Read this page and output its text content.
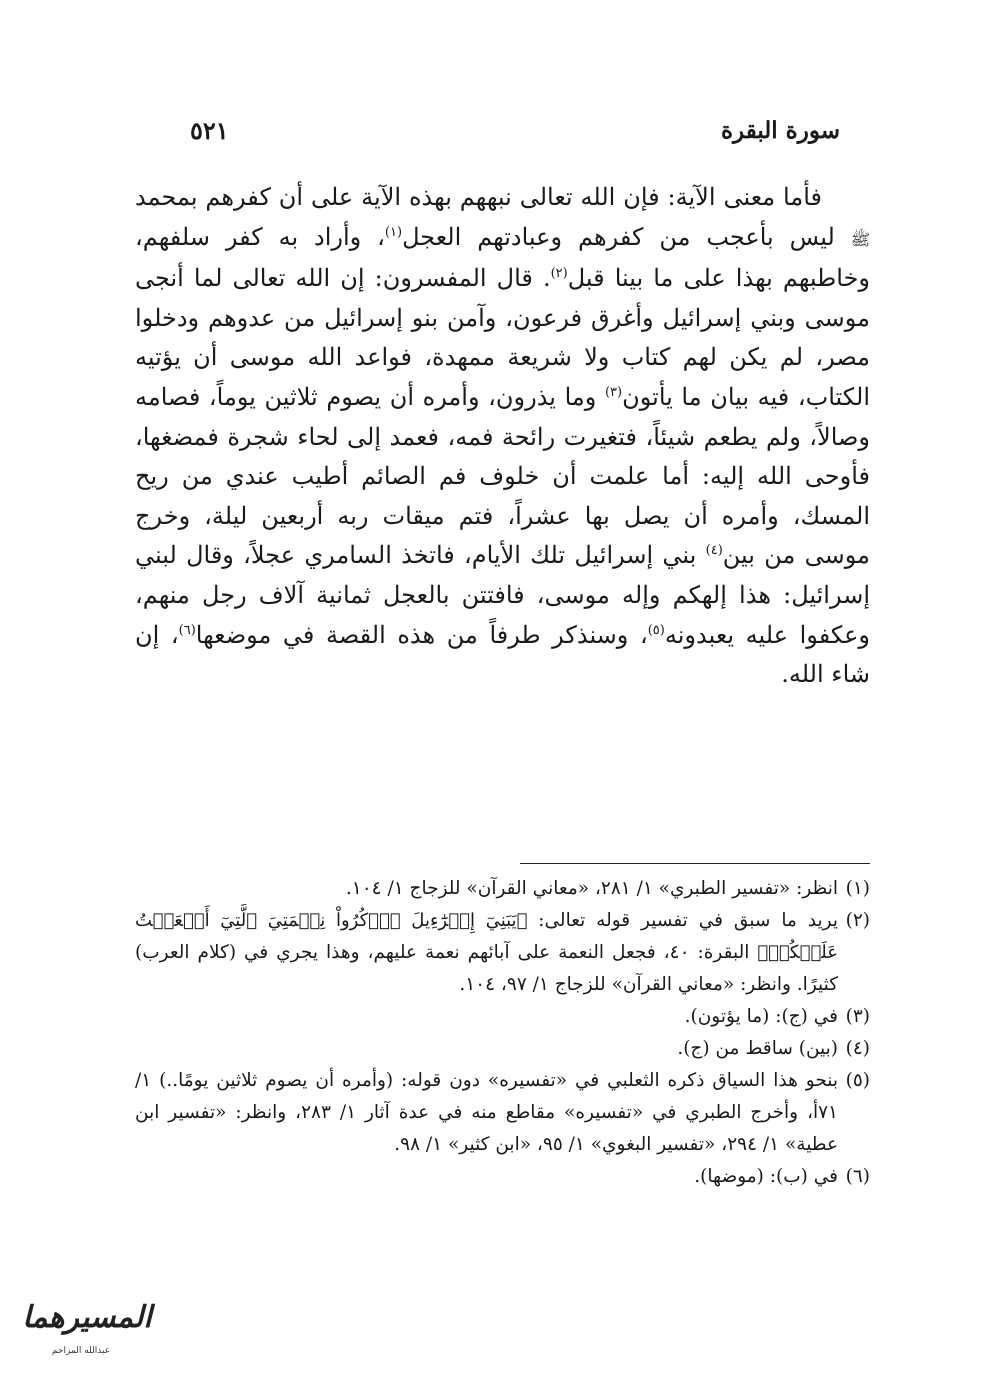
سورة البقرة
٥٢١

فأما معنى الآية: فإن الله تعالى نبههم بهذه الآية على أن كفرهم بمحمد ﷺ ليس بأعجب من كفرهم وعبادتهم العجل$^{(١)}$، وأراد به كفر سلفهم، وخاطبهم بهذا على ما بينا قبل$^{(٢)}$. قال المفسرون: إن الله تعالى لما أنجى موسى وبني إسرائيل وأغرق فرعون، وآمن بنو إسرائيل من عدوهم ودخلوا مصر، لم يكن لهم كتاب ولا شريعة ممهدة، فواعد الله موسى أن يؤتيه الكتاب، فيه بيان ما يأتون$^{(٣)}$ وما يذرون، وأمره أن يصوم ثلاثين يوماً، فصامه وصالاً، ولم يطعم شيئاً، فتغيرت رائحة فمه، فعمد إلى لحاء شجرة فمضغها، فأوحى الله إليه: أما علمت أن خلوف فم الصائم أطيب عندي من ريح المسك، وأمره أن يصل بها عشراً، فتم ميقات ربه أربعين ليلة، وخرج موسى من بين$^{(٤)}$ بني إسرائيل تلك الأيام، فاتخذ السامري عجلاً، وقال لبني إسرائيل: هذا إلهكم وإله موسى، فافتتن بالعجل ثمانية آلاف رجل منهم، وعكفوا عليه يعبدونه$^{(٥)}$، وسنذكر طرفاً من هذه القصة في موضعها$^{(٦)}$، إن شاء الله.

(١)
انظر: «تفسير الطبري» ١/ ٢٨١، «معاني القرآن» للزجاج ١/ ١٠٤.
(٢)
يريد ما سبق في تفسير قوله تعالى: ﴿يَبَنِيٓ إِسۡرَٰٓءِيلَ ٱذۡكُرُواْ نِعۡمَتِيَ ٱلَّتِيٓ أَنۡعَمۡتُ عَلَيۡكُمۡ﴾ البقرة: ٤٠، فجعل النعمة على آبائهم نعمة عليهم، وهذا يجري في (كلام العرب) كثيرًا. وانظر: «معاني القرآن» للزجاج ١/ ٩٧، ١٠٤.
(٣)
في (ج): (ما يؤتون).
(٤)
(بين) ساقط من (ج).
(٥)
بنحو هذا السياق ذكره الثعلبي في «تفسيره» دون قوله: (وأمره أن يصوم ثلاثين يومًا..) ١/ ٧١أ، وأخرج الطبري في «تفسيره» مقاطع منه في عدة آثار ١/ ٢٨٣، وانظر: «تفسير ابن عطية» ١/ ٢٩٤، «تفسير البغوي» ١/ ٩٥، «ابن كثير» ١/ ٩٨.
(٦)
في (ب): (موضها).
المسيرهما
عبدالله المزاحم
